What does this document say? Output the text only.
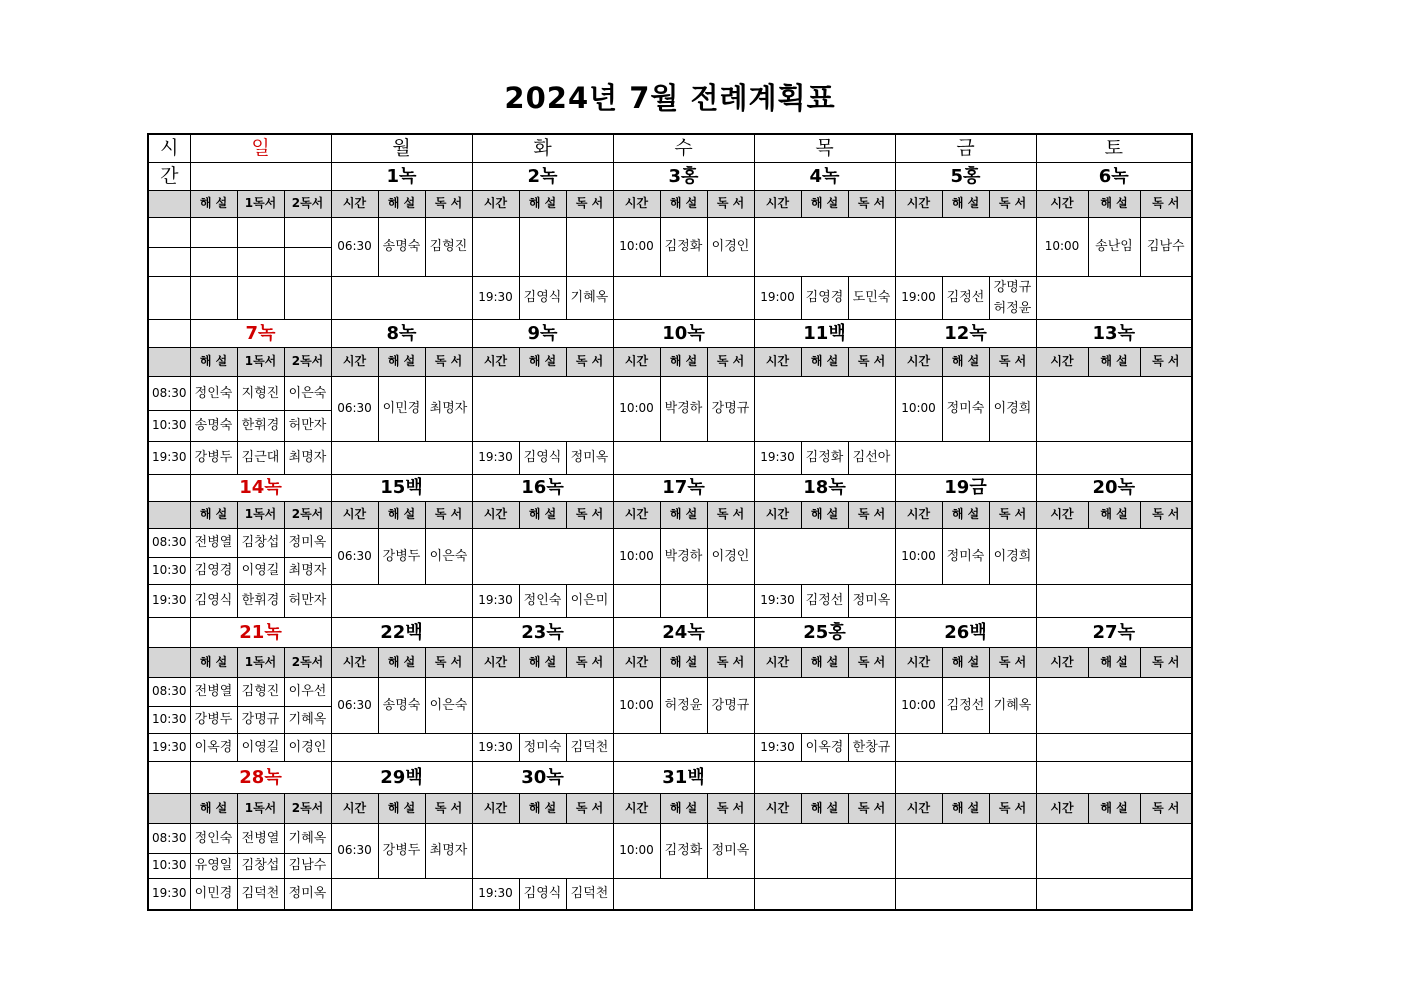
2024년 7월 전례계획표
시	일			월			화			수			목			금			토		
간				1녹			2녹			3홍			4녹			5홍			6녹		
	해 설	1독서	2독서	시간	해 설	독 서	시간	해 설	독 서	시간	해 설	독 서	시간	해 설	독 서	시간	해 설	독 서	시간	해 설	독 서
				06:30	송명숙	김형진				10:00	김정화	이경인							10:00	송난임	김남수

							19:30	김영식	기혜옥				19:00	김영경	도민숙	19:00	김정선	강명규
허정윤			

	7녹			8녹			9녹			10녹			11백			12녹			13녹		
	해 설	1독서	2독서	시간	해 설	독 서	시간	해 설	독 서	시간	해 설	독 서	시간	해 설	독 서	시간	해 설	독 서	시간	해 설	독 서
08:30	정인숙	지형진	이은숙	06:30	이민경	최명자				10:00	박경하	강명규				10:00	정미숙	이경희			
10:30	송명숙	한휘경	허만자																		
19:30	강병두	김근대	최명자				19:30	김영식	정미옥				19:30	김정화	김선아						
	14녹			15백			16녹			17녹			18녹			19금			20녹		
	해 설	1독서	2독서	시간	해 설	독 서	시간	해 설	독 서	시간	해 설	독 서	시간	해 설	독 서	시간	해 설	독 서	시간	해 설	독 서
08:30	전병열	김창섭	정미옥	06:30	강병두	이은숙				10:00	박경하	이경인				10:00	정미숙	이경희			
10:30	김영경	이영길	최명자																		
19:30	김영식	한휘경	허만자				19:30	정인숙	이은미				19:30	김정선	정미옥						
	21녹			22백			23녹			24녹			25홍			26백			27녹		
	해 설	1독서	2독서	시간	해 설	독 서	시간	해 설	독 서	시간	해 설	독 서	시간	해 설	독 서	시간	해 설	독 서	시간	해 설	독 서
08:30	전병열	김형진	이우선	06:30	송명숙	이은숙				10:00	허정윤	강명규				10:00	김정선	기혜옥			
10:30	강병두	강명규	기혜옥																		
19:30	이옥경	이영길	이경인				19:30	정미숙	김덕천				19:30	이옥경	한창규						
	28녹			29백			30녹			31백											
	해 설	1독서	2독서	시간	해 설	독 서	시간	해 설	독 서	시간	해 설	독 서	시간	해 설	독 서	시간	해 설	독 서	시간	해 설	독 서
08:30	정인숙	전병열	기혜옥	06:30	강병두	최명자				10:00	김정화	정미옥									
10:30	유영일	김창섭	김남수																		
19:30	이민경	김덕천	정미옥				19:30	김영식	김덕천												
